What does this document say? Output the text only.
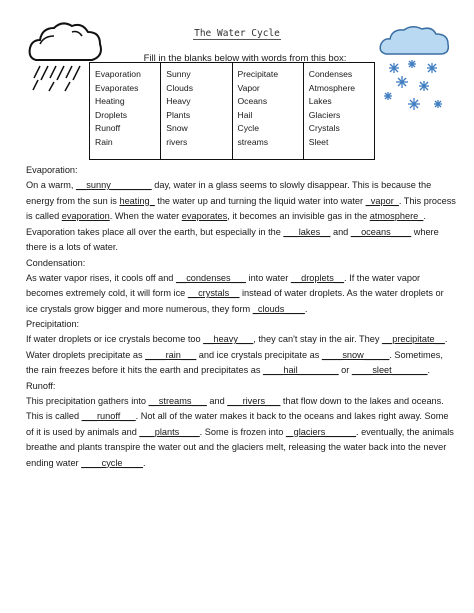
The Water Cycle
Fill in the blanks below with words from this box:
Evaporation
Evaporates
Heating
Droplets
Runoff
Rain
Sunny
Clouds
Heavy
Plants
Snow
rivers
Precipitate
Vapor
Oceans
Hail
Cycle
streams
Condenses
Atmosphere
Lakes
Glaciers
Crystals
Sleet
Evaporation:

On a warm, __sunny________ day, water in a glass seems to slowly disappear. This is because the energy from the sun is heating_ the water up and turning the liquid water into water _vapor_. This process is called evaporation. When the water evaporates, it becomes an invisible gas in the atmosphere_. Evaporation takes place all over the earth, but especially in the ___lakes__ and __oceans____ where there is a lots of water.

Condensation:

As water vapor rises, it cools off and __condenses___ into water __droplets__. If the water vapor becomes extremely cold, it will form ice __crystals__ instead of water droplets. As the water droplets or ice crystals grow bigger and more numerous, they form _clouds____.

Precipitation:

If water droplets or ice crystals become too __heavy___, they can't stay in the air. They __precipitate__. Water droplets precipitate as ____rain___ and ice crystals precipitate as ____snow_____. Sometimes, the rain freezes before it hits the earth and precipitates as ____hail________ or ____sleet_______.

Runoff:

This precipitation gathers into __streams___ and ___rivers___ that flow down to the lakes and oceans. This is called ___runoff___. Not all of the water makes it back to the oceans and lakes right away. Some of it is used by animals and ___plants____. Some is frozen into _ glaciers______. eventually, the animals breathe and plants transpire the water out and the glaciers melt, releasing the water back into the never ending water ____cycle____.
